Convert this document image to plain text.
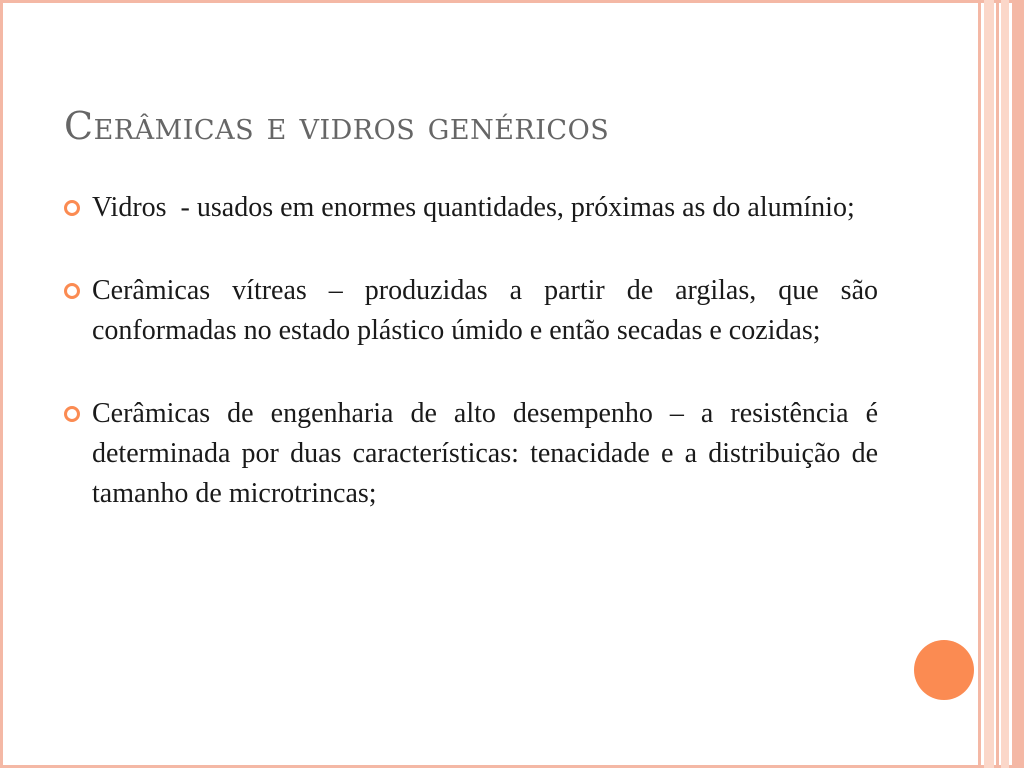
Cerâmicas e vidros genéricos
Vidros  - usados em enormes quantidades, próximas as do alumínio;
Cerâmicas vítreas – produzidas a partir de argilas, que são conformadas no estado plástico úmido e então secadas e cozidas;
Cerâmicas de engenharia de alto desempenho – a resistência é determinada por duas características: tenacidade e a distribuição de tamanho de microtrincas;
